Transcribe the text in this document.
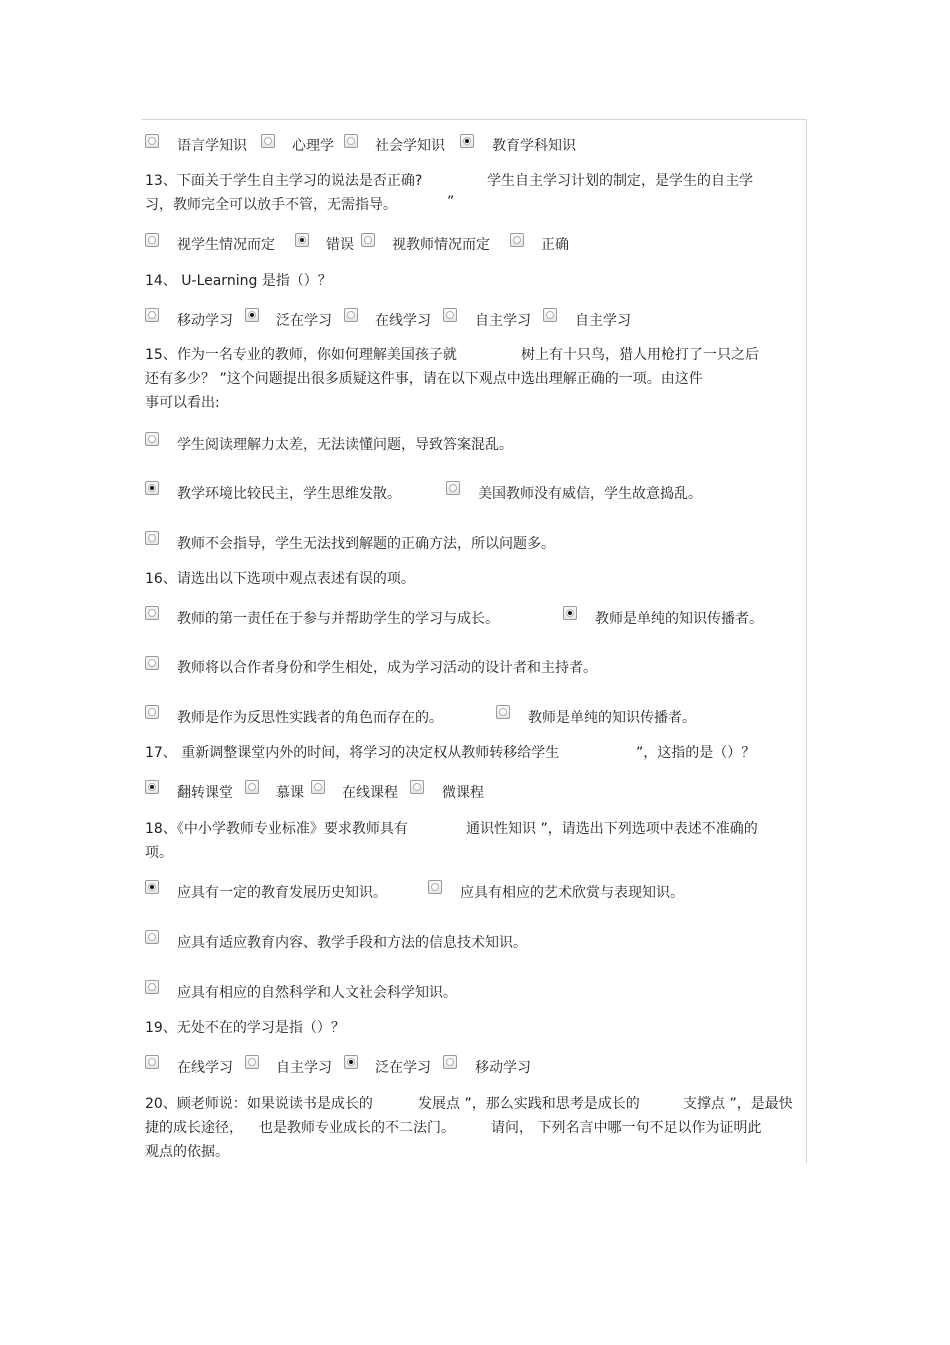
语言学知识	心理学	社会学知识	教育学科知识
13、下面关于学生自主学习的说法是否正确?	学生自主学习计划的制定，是学生的自主学
习，教师完全可以放手不管，无需指导。	”
视学生情况而定	错误	视教师情况而定	正确
14、 U-Learning 是指（）？
移动学习	泛在学习	在线学习	自主学习	自主学习
15、作为一名专业的教师，你如何理解美国孩子就	树上有十只鸟，猎人用枪打了一只之后
还有多少？ ”这个问题提出很多质疑这件事，请在以下观点中选出理解正确的一项。由这件
事可以看出:
学生阅读理解力太差，无法读懂问题，导致答案混乱。
教学环境比较民主，学生思维发散。	美国教师没有威信，学生故意捣乱。
教师不会指导，学生无法找到解题的正确方法，所以问题多。
16、请选出以下选项中观点表述有误的项。
教师的第一责任在于参与并帮助学生的学习与成长。	教师是单纯的知识传播者。
教师将以合作者身份和学生相处，成为学习活动的设计者和主持者。
教师是作为反思性实践者的角色而存在的。	教师是单纯的知识传播者。
17、 重新调整课堂内外的时间，将学习的决定权从教师转移给学生	”，这指的是（）？
翻转课堂	慕课	在线课程	微课程
18、《中小学教师专业标准》要求教师具有	通识性知识 ”，请选出下列选项中表述不准确的
项。
应具有一定的教育发展历史知识。	应具有相应的艺术欣赏与表现知识。
应具有适应教育内容、教学手段和方法的信息技术知识。
应具有相应的自然科学和人文社会科学知识。
19、无处不在的学习是指（）？
在线学习	自主学习	泛在学习	移动学习
20、顾老师说：如果说读书是成长的	发展点 ”，那么实践和思考是成长的	支撑点 ”，是最快
捷的成长途径， 也是教师专业成长的不二法门。	请问， 下列名言中哪一句不足以作为证明此
观点的依据。
